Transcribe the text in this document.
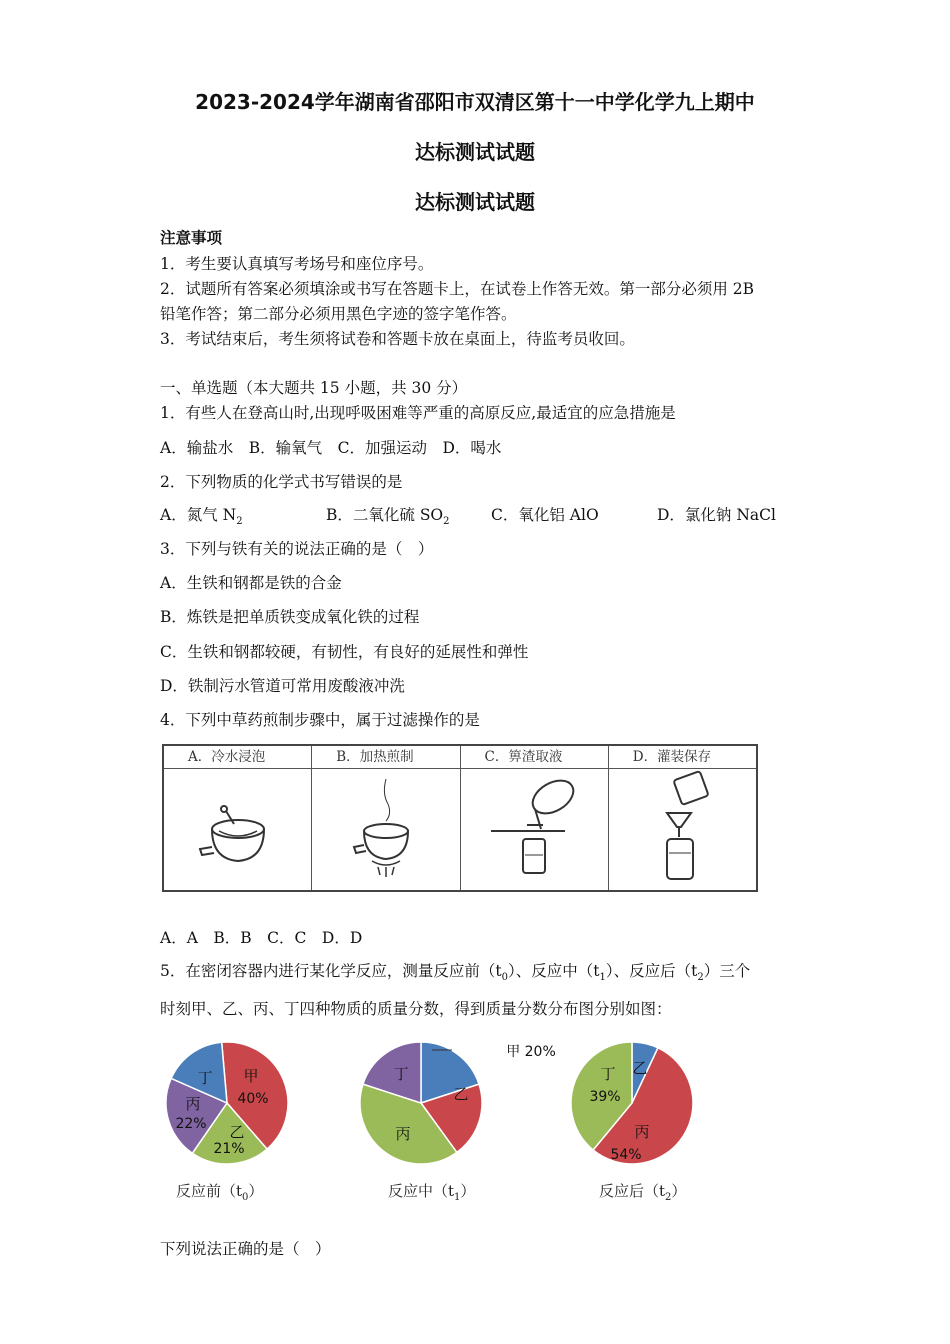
2023-2024学年湖南省邵阳市双清区第十一中学化学九上期中
达标测试试题
达标测试试题
注意事项
1．考生要认真填写考场号和座位序号。
2．试题所有答案必须填涂或书写在答题卡上，在试卷上作答无效。第一部分必须用 2B
铅笔作答；第二部分必须用黑色字迹的签字笔作答。
3．考试结束后，考生须将试卷和答题卡放在桌面上，待监考员收回。
一、单选题（本大题共 15 小题，共 30 分）
1．有些人在登高山时,出现呼吸困难等严重的高原反应,最适宜的应急措施是
A．输盐水　B．输氧气　C．加强运动　D．喝水
2．下列物质的化学式书写错误的是
A．氮气 $N_2$	B．二氧化硫 $SO_2$	C．氧化铝 AlO	D．氯化钠 NaCl
3．下列与铁有关的说法正确的是（　）
A．生铁和钢都是铁的合金
B．炼铁是把单质铁变成氧化铁的过程
C．生铁和钢都较硬，有韧性，有良好的延展性和弹性
D．铁制污水管道可常用废酸液冲洗
4．下列中草药煎制步骤中，属于过滤操作的是
A．冷水浸泡	B．加热煎制	C．箅渣取液	D．灌装保存
A．A　B．B　C．C　D．D
5．在密闭容器内进行某化学反应，测量反应前$(t_0)$、反应中$(t_1)$、反应后$(t_2)$三个
时刻甲、乙、丙、丁四种物质的质量分数，得到质量分数分布图分别如图：
甲
40%
乙
21%
丙
22%
丁
甲 20%
乙
丙
丁	乙
丙
54%
丁
39%
反应前$(t_0)$	反应中$(t_1)$	反应后$(t_2)$
下列说法正确的是（　）
